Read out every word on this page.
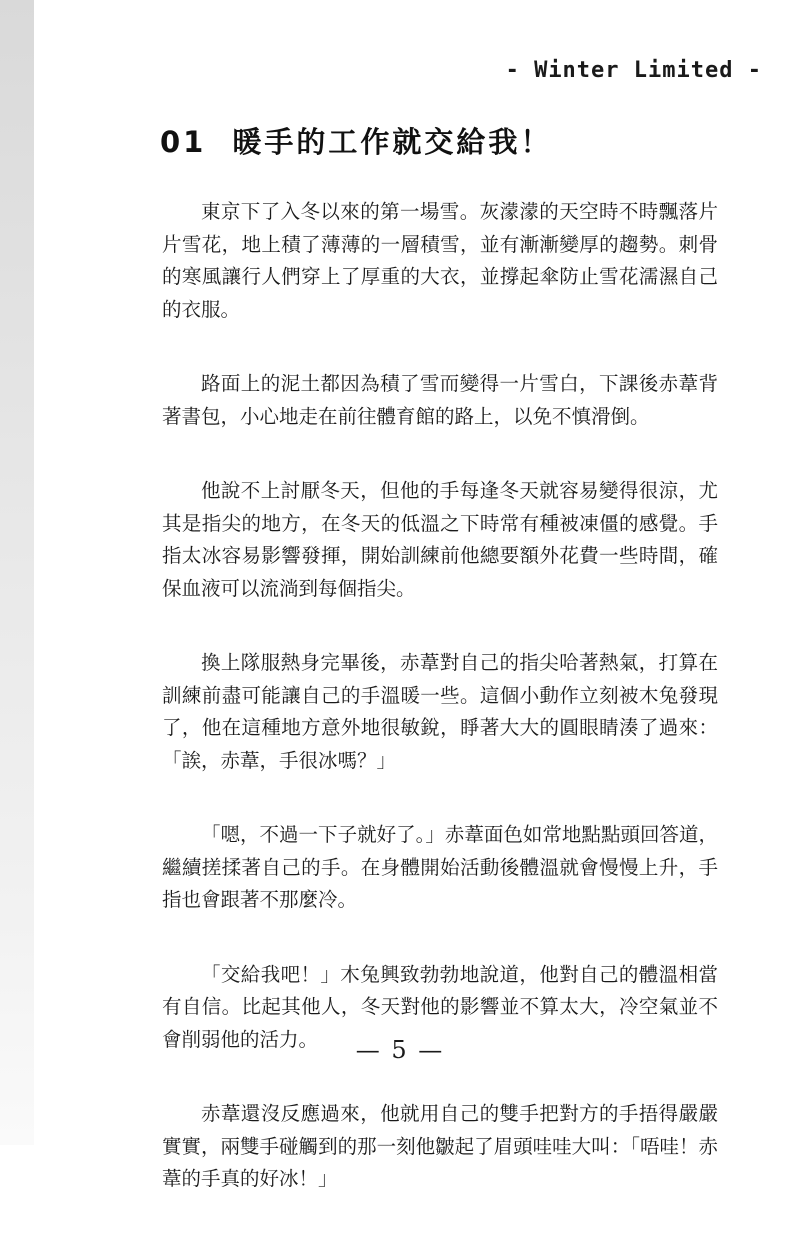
- Winter Limited -
01 暖手的工作就交給我！

東京下了入冬以來的第一場雪。灰濛濛的天空時不時飄落片片雪花，地上積了薄薄的一層積雪，並有漸漸變厚的趨勢。刺骨的寒風讓行人們穿上了厚重的大衣，並撐起傘防止雪花濡濕自己的衣服。

路面上的泥土都因為積了雪而變得一片雪白，下課後赤葦背著書包，小心地走在前往體育館的路上，以免不慎滑倒。

他說不上討厭冬天，但他的手每逢冬天就容易變得很涼，尤其是指尖的地方，在冬天的低溫之下時常有種被凍僵的感覺。手指太冰容易影響發揮，開始訓練前他總要額外花費一些時間，確保血液可以流淌到每個指尖。

換上隊服熱身完畢後，赤葦對自己的指尖哈著熱氣，打算在訓練前盡可能讓自己的手溫暖一些。這個小動作立刻被木兔發現了，他在這種地方意外地很敏銳，睜著大大的圓眼睛湊了過來：「誒，赤葦，手很冰嗎？」

「嗯，不過一下子就好了。」赤葦面色如常地點點頭回答道，繼續搓揉著自己的手。在身體開始活動後體溫就會慢慢上升，手指也會跟著不那麼冷。

「交給我吧！」木兔興致勃勃地說道，他對自己的體溫相當有自信。比起其他人，冬天對他的影響並不算太大，冷空氣並不會削弱他的活力。

赤葦還沒反應過來，他就用自己的雙手把對方的手捂得嚴嚴實實，兩雙手碰觸到的那一刻他皺起了眉頭哇哇大叫：「唔哇！赤葦的手真的好冰！」

— 5 —
